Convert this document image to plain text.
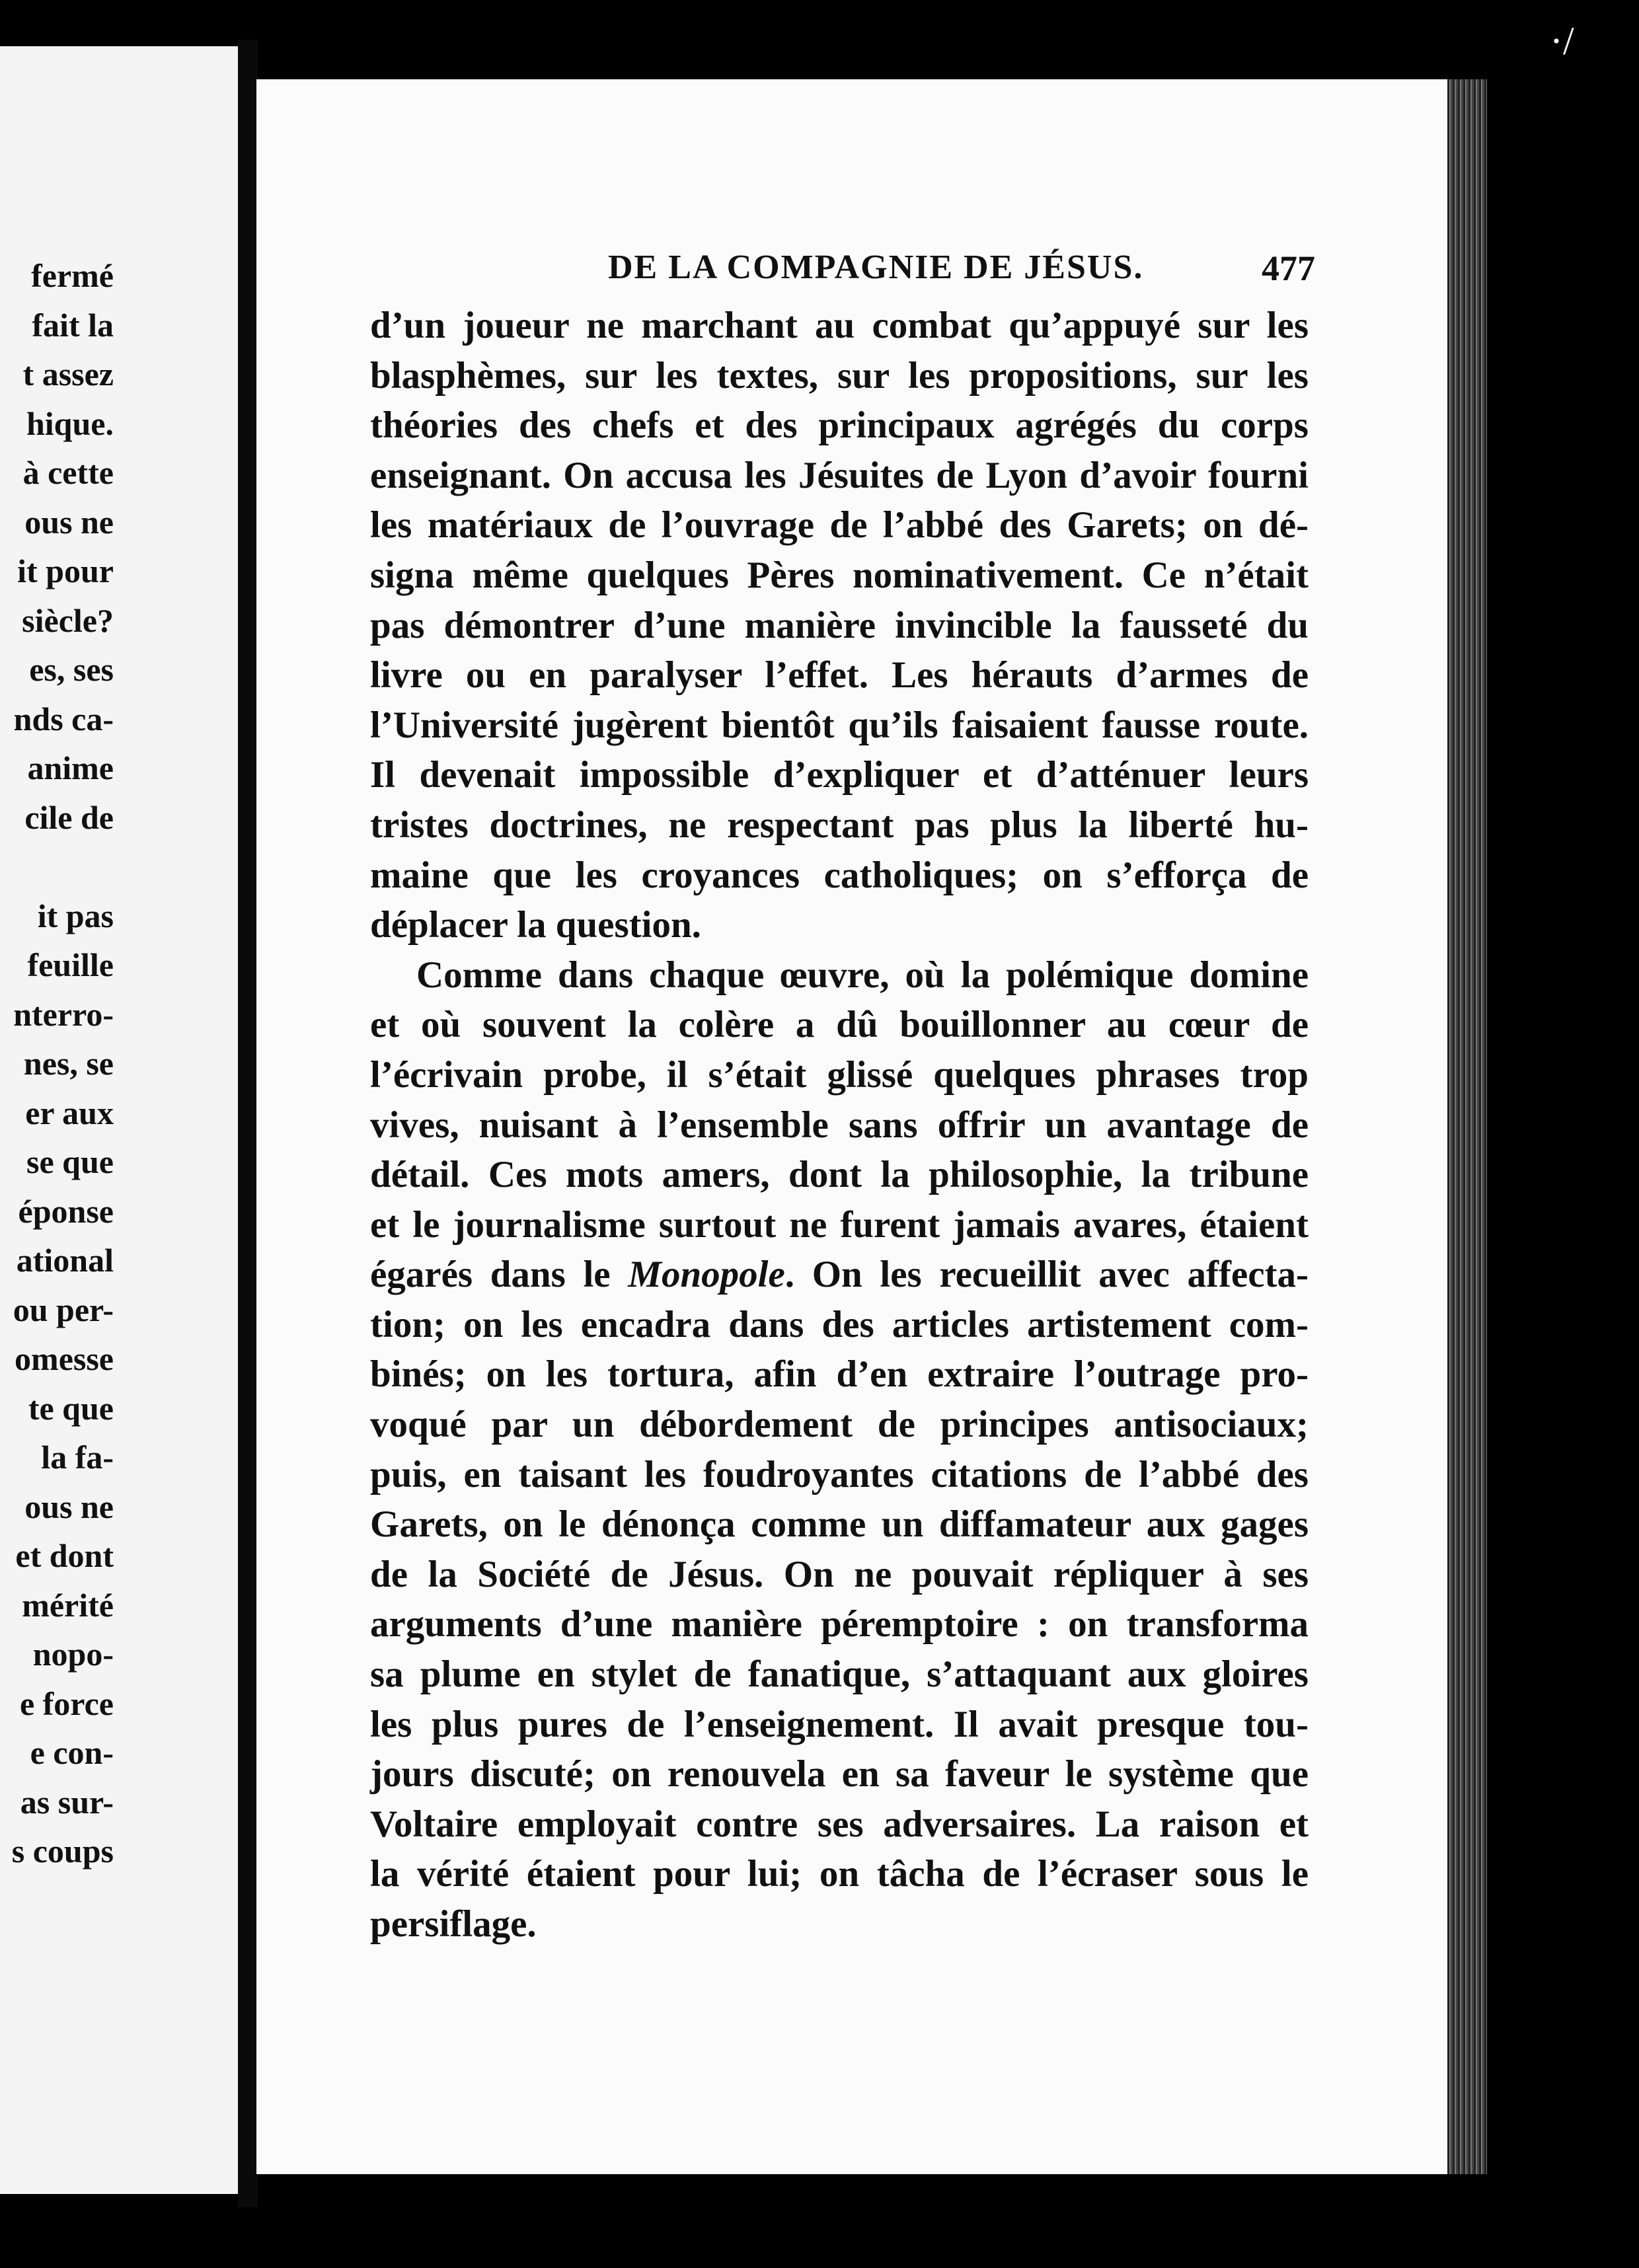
fermé
fait la
t assez
hique.
à cette
ous ne
it pour
siècle?
es, ses
nds ca-
anime
cile de
it pas
feuille
nterro-
nes, se
er aux
se que
éponse
ational
ou per-
omesse
te que
la fa-
ous ne
et dont
mérité
nopo-
e force
e con-
as sur-
s coups
·/
DE LA COMPAGNIE DE JÉSUS.	477
d’un joueur ne marchant au combat qu’appuyé sur les
blasphèmes, sur les textes, sur les propositions, sur les
théories des chefs et des principaux agrégés du corps
enseignant. On accusa les Jésuites de Lyon d’avoir fourni
les matériaux de l’ouvrage de l’abbé des Garets; on dé-
signa même quelques Pères nominativement. Ce n’était
pas démontrer d’une manière invincible la fausseté du
livre ou en paralyser l’effet. Les hérauts d’armes de
l’Université jugèrent bientôt qu’ils faisaient fausse route.
Il devenait impossible d’expliquer et d’atténuer leurs
tristes doctrines, ne respectant pas plus la liberté hu-
maine que les croyances catholiques; on s’efforça de
déplacer la question.
Comme dans chaque œuvre, où la polémique domine
et où souvent la colère a dû bouillonner au cœur de
l’écrivain probe, il s’était glissé quelques phrases trop
vives, nuisant à l’ensemble sans offrir un avantage de
détail. Ces mots amers, dont la philosophie, la tribune
et le journalisme surtout ne furent jamais avares, étaient
égarés dans le Monopole. On les recueillit avec affecta-
tion; on les encadra dans des articles artistement com-
binés; on les tortura, afin d’en extraire l’outrage pro-
voqué par un débordement de principes antisociaux;
puis, en taisant les foudroyantes citations de l’abbé des
Garets, on le dénonça comme un diffamateur aux gages
de la Société de Jésus. On ne pouvait répliquer à ses
arguments d’une manière péremptoire : on transforma
sa plume en stylet de fanatique, s’attaquant aux gloires
les plus pures de l’enseignement. Il avait presque tou-
jours discuté; on renouvela en sa faveur le système que
Voltaire employait contre ses adversaires. La raison et
la vérité étaient pour lui; on tâcha de l’écraser sous le
persiflage.
